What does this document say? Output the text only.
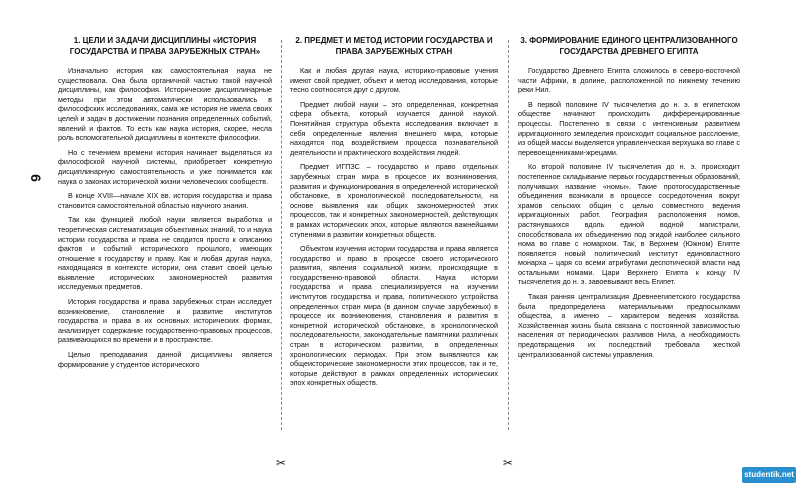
6
1. ЦЕЛИ И ЗАДАЧИ ДИСЦИПЛИНЫ «ИСТОРИЯ ГОСУДАРСТВА И ПРАВА ЗАРУБЕЖНЫХ СТРАН»

Изначально история как самостоятельная наука не существовала. Она была органичной частью такой научной дисциплины, как философия. Исторические дисциплинарные методы при этом автоматически использовались в философских исследованиях, сама же история не имела своих целей и задач в достижении познания определенных событий, явлений и фактов. То есть как наука история, скорее, несла роль вспомогательной дисциплины в контексте философии.

Но с течением времени история начинает выделяться из философской научной системы, приобретает конкретную дисциплинарную самостоятельность и уже понимается как наука о законах исторической жизни человеческих сообществ.

В конце XVIII—начале XIX вв. история государства и права становится самостоятельной областью научного знания.

Так как функцией любой науки является выработка и теоретическая систематизация объективных знаний, то и наука истории государства и права не сводится просто к описанию фактов и событий исторического прошлого, имеющих отношение к государству и праву. Как и любая другая наука, находящаяся в контексте истории, она ставит своей целью выявление исторических закономерностей развития исследуемых предметов.

История государства и права зарубежных стран исследует возникновение, становление и развитие институтов государства и права в их основных исторических формах, анализирует содержание государственно-правовых процессов, развивающихся во времени и в пространстве.

Целью преподавания данной дисциплины является формирование у студентов исторического

2. ПРЕДМЕТ И МЕТОД ИСТОРИИ ГОСУДАРСТВА И ПРАВА ЗАРУБЕЖНЫХ СТРАН

Как и любая другая наука, историко-правовые учения имеют свой предмет, объект и метод исследования, которые тесно соотносятся друг с другом.

Предмет любой науки – это определенная, конкретная сфера объекта, который изучается данной наукой. Понятийная структура объекта исследования включает в себя определенные явления внешнего мира, которые находятся под воздействием процесса познавательной деятельности и практического воздействия людей.

Предмет ИГПЗС – государство и право отдельных зарубежных стран мира в процессе их возникновения, развития и функционирования в определенной исторической обстановке, в хронологической последовательности, на основе выявления как общих закономерностей этих процессов, так и конкретных закономерностей, действующих в рамках исторических эпох, которые являются важнейшими ступенями в развитии конкретных обществ.

Объектом изучения истории государства и права является государство и право в процессе своего исторического развития, явления социальной жизни, происходящие в государственно-правовой области. Наука истории государства и права специализируется на изучении институтов государства и права, политического устройства определенных стран мира (в данном случае зарубежных) в процессе их возникновения, становления и развития в конкретной исторической обстановке, в хронологической последовательности, законодательные памятники различных стран в историческом развитии, в определенных хронологических периодах. При этом выявляются как общеисторические закономерности этих процессов, так и те, которые действуют в рамках определенных исторических эпох конкретных обществ.

3. ФОРМИРОВАНИЕ ЕДИНОГО ЦЕНТРАЛИЗОВАННОГО ГОСУДАРСТВА ДРЕВНЕГО ЕГИПТА

Государство Древнего Египта сложилось в северо-восточной части Африки, в долине, расположенной по нижнему течению реки Нил.

В первой половине IV тысячелетия до н. э. в египетском обществе начинают происходить дифференцированные процессы. Постепенно в связи с интенсивным развитием ирригационного земледелия происходит социальное расслоение, из общей массы выделяется управленческая верхушка во главе с перевоещенниками-жрецами.

Ко второй половине IV тысячелетия до н. э. происходит постепенное складывание первых государственных образований, получивших название «номы». Такие протогосударственные объединения возникали в процессе сосредоточения вокруг храмов сельских общин с целью совместного ведения ирригационных работ. География расположения номов, растянувшихся вдоль единой водной магистрали, способствовала их объединению под эгидой наиболее сильного нома во главе с номархом. Так, в Верхнем (Южном) Египте появляется новый политический институт единовластного монарха – царя со всеми атрибутами деспотической власти над остальными номами. Цари Верхнего Египта к концу IV тысячелетия до н. э. завоевывают весь Египет.

Такая ранняя централизация Древнеегипетского государства была предопределена материальными предпосылками общества, а именно – характером ведения хозяйства. Хозяйственная жизнь была связана с постоянной зависимостью населения от периодических разливов Нила, а необходимость предотвращения их последствий требовала жесткой централизованной системы управления.

✂	✂
studentik.net
